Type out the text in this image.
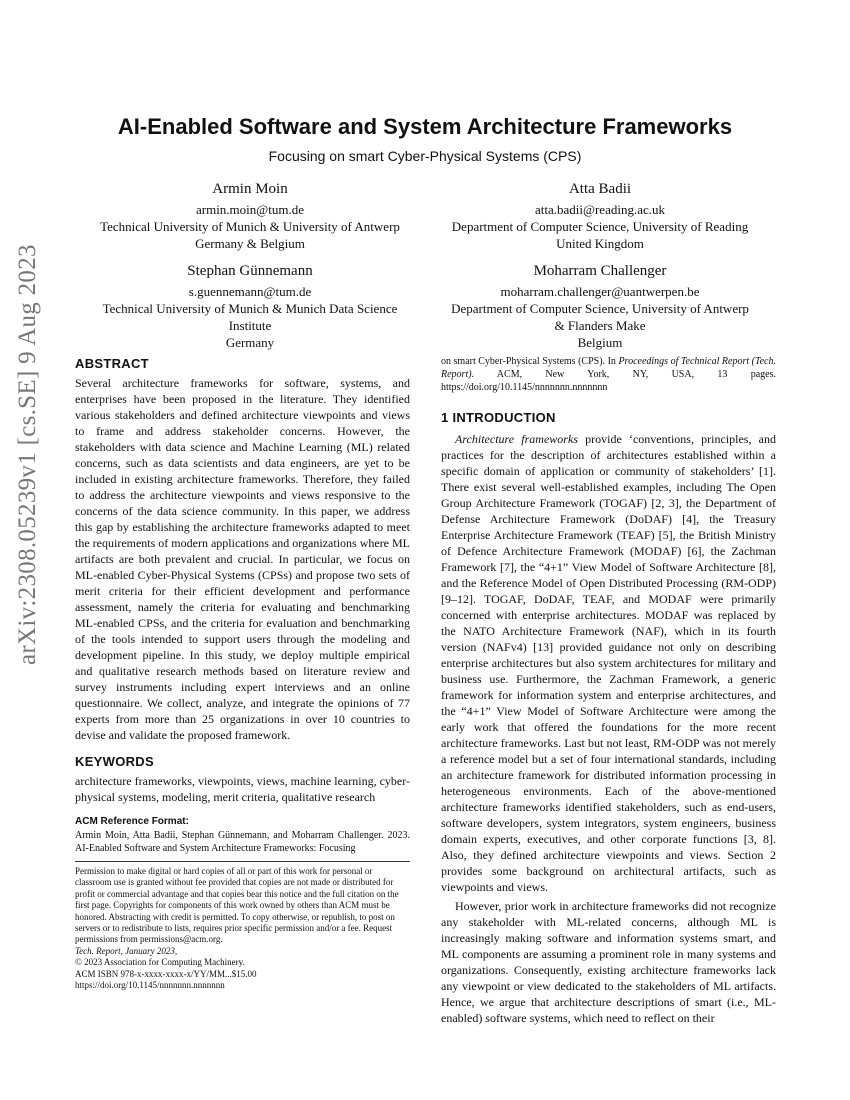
arXiv:2308.05239v1 [cs.SE] 9 Aug 2023
AI-Enabled Software and System Architecture Frameworks
Focusing on smart Cyber-Physical Systems (CPS)
Armin Moin
armin.moin@tum.de
Technical University of Munich & University of Antwerp
Germany & Belgium
Atta Badii
atta.badii@reading.ac.uk
Department of Computer Science, University of Reading
United Kingdom
Stephan Günnemann
s.guennemann@tum.de
Technical University of Munich & Munich Data Science
Institute
Germany
Moharram Challenger
moharram.challenger@uantwerpen.be
Department of Computer Science, University of Antwerp
& Flanders Make
Belgium
ABSTRACT
Several architecture frameworks for software, systems, and enterprises have been proposed in the literature. They identified various stakeholders and defined architecture viewpoints and views to frame and address stakeholder concerns. However, the stakeholders with data science and Machine Learning (ML) related concerns, such as data scientists and data engineers, are yet to be included in existing architecture frameworks. Therefore, they failed to address the architecture viewpoints and views responsive to the concerns of the data science community. In this paper, we address this gap by establishing the architecture frameworks adapted to meet the requirements of modern applications and organizations where ML artifacts are both prevalent and crucial. In particular, we focus on ML-enabled Cyber-Physical Systems (CPSs) and propose two sets of merit criteria for their efficient development and performance assessment, namely the criteria for evaluating and benchmarking ML-enabled CPSs, and the criteria for evaluation and benchmarking of the tools intended to support users through the modeling and development pipeline. In this study, we deploy multiple empirical and qualitative research methods based on literature review and survey instruments including expert interviews and an online questionnaire. We collect, analyze, and integrate the opinions of 77 experts from more than 25 organizations in over 10 countries to devise and validate the proposed framework.
KEYWORDS
architecture frameworks, viewpoints, views, machine learning, cyber-physical systems, modeling, merit criteria, qualitative research
ACM Reference Format:
Armin Moin, Atta Badii, Stephan Günnemann, and Moharram Challenger. 2023. AI-Enabled Software and System Architecture Frameworks: Focusing
Permission to make digital or hard copies of all or part of this work for personal or classroom use is granted without fee provided that copies are not made or distributed for profit or commercial advantage and that copies bear this notice and the full citation on the first page. Copyrights for components of this work owned by others than ACM must be honored. Abstracting with credit is permitted. To copy otherwise, or republish, to post on servers or to redistribute to lists, requires prior specific permission and/or a fee. Request permissions from permissions@acm.org.
Tech. Report, January 2023,
© 2023 Association for Computing Machinery.
ACM ISBN 978-x-xxxx-xxxx-x/YY/MM...$15.00
https://doi.org/10.1145/nnnnnnn.nnnnnnn
on smart Cyber-Physical Systems (CPS). In Proceedings of Technical Report (Tech. Report). ACM, New York, NY, USA, 13 pages. https://doi.org/10.1145/nnnnnnn.nnnnnnn
1 INTRODUCTION
Architecture frameworks provide ‘conventions, principles, and practices for the description of architectures established within a specific domain of application or community of stakeholders’ [1]. There exist several well-established examples, including The Open Group Architecture Framework (TOGAF) [2, 3], the Department of Defense Architecture Framework (DoDAF) [4], the Treasury Enterprise Architecture Framework (TEAF) [5], the British Ministry of Defence Architecture Framework (MODAF) [6], the Zachman Framework [7], the “4+1” View Model of Software Architecture [8], and the Reference Model of Open Distributed Processing (RM-ODP) [9–12]. TOGAF, DoDAF, TEAF, and MODAF were primarily concerned with enterprise architectures. MODAF was replaced by the NATO Architecture Framework (NAF), which in its fourth version (NAFv4) [13] provided guidance not only on describing enterprise architectures but also system architectures for military and business use. Furthermore, the Zachman Framework, a generic framework for information system and enterprise architectures, and the “4+1” View Model of Software Architecture were among the early work that offered the foundations for the more recent architecture frameworks. Last but not least, RM-ODP was not merely a reference model but a set of four international standards, including an architecture framework for distributed information processing in heterogeneous environments. Each of the above-mentioned architecture frameworks identified stakeholders, such as end-users, software developers, system integrators, system engineers, business domain experts, executives, and other corporate functions [3, 8]. Also, they defined architecture viewpoints and views. Section 2 provides some background on architectural artifacts, such as viewpoints and views.
However, prior work in architecture frameworks did not recognize any stakeholder with ML-related concerns, although ML is increasingly making software and information systems smart, and ML components are assuming a prominent role in many systems and organizations. Consequently, existing architecture frameworks lack any viewpoint or view dedicated to the stakeholders of ML artifacts. Hence, we argue that architecture descriptions of smart (i.e., ML-enabled) software systems, which need to reflect on their
